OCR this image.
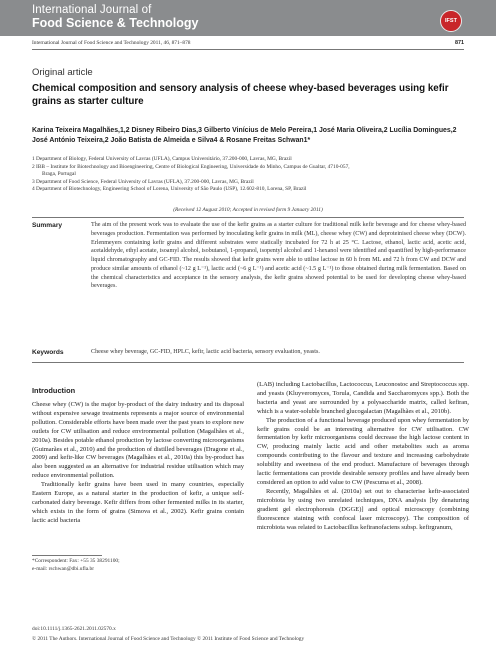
International Journal of
Food Science & Technology	IFST
International Journal of Food Science and Technology 2011, 46, 871–878	871
Original article
Chemical composition and sensory analysis of cheese whey-based beverages using kefir grains as starter culture
Karina Teixeira Magalhães,1,2 Disney Ribeiro Dias,3 Gilberto Vinícius de Melo Pereira,1 José Maria Oliveira,2 Lucília Domingues,2 José António Teixeira,2 João Batista de Almeida e Silva4 & Rosane Freitas Schwan1*
1 Department of Biology, Federal University of Lavras (UFLA), Campus Universitário, 37.200-000, Lavras, MG, Brazil
2 IBB – Institute for Biotechnology and Bioengineering, Centre of Biological Engineering, Universidade do Minho, Campus de Gualtar, 4710-057,
Braga, Portugal
3 Department of Food Science, Federal University of Lavras (UFLA), 37.200-000, Lavras, MG, Brazil
4 Department of Biotechnology, Engineering School of Lorena, University of São Paulo (USP), 12.602-810, Lorena, SP, Brazil
(Received 12 August 2010; Accepted in revised form 9 January 2011)
Summary	The aim of the present work was to evaluate the use of the kefir grains as a starter culture for traditional milk kefir beverage and for cheese whey-based beverages production. Fermentation was performed by inoculating kefir grains in milk (ML), cheese whey (CW) and deproteinised cheese whey (DCW). Erlenmeyers containing kefir grains and different substrates were statically incubated for 72 h at 25 °C. Lactose, ethanol, lactic acid, acetic acid, acetaldehyde, ethyl acetate, isoamyl alcohol, isobutanol, 1-propanol, isopentyl alcohol and 1-hexanol were identified and quantified by high-performance liquid chromatography and GC-FID. The results showed that kefir grains were able to utilise lactose in 60 h from ML and 72 h from CW and DCW and produce similar amounts of ethanol (~12 g L⁻¹), lactic acid (~6 g L⁻¹) and acetic acid (~1.5 g L⁻¹) to those obtained during milk fermentation. Based on the chemical characteristics and acceptance in the sensory analysis, the kefir grains showed potential to be used for developing cheese whey-based beverages.
Keywords	Cheese whey beverage, GC-FID, HPLC, kefir, lactic acid bacteria, sensory evaluation, yeasts.
Introduction

Cheese whey (CW) is the major by-product of the dairy industry and its disposal without expensive sewage treatments represents a major source of environmental pollution. Considerable efforts have been made over the past years to explore new outlets for CW utilisation and reduce environmental pollution (Magalhães et al., 2010a). Besides potable ethanol production by lactose converting microorganisms (Guimarães et al., 2010) and the production of distilled beverages (Dragone et al., 2009) and kefir-like CW beverages (Magalhães et al., 2010a) this by-product has also been suggested as an alternative for industrial residue utilisation which may reduce environmental pollution.

Traditionally kefir grains have been used in many countries, especially Eastern Europe, as a natural starter in the production of kefir, a unique self-carbonated dairy beverage. Kefir differs from other fermented milks in its starter, which exists in the form of grains (Simova et al., 2002). Kefir grains contain lactic acid bacteria

(LAB) including Lactobacillus, Lactococcus, Leuconostoc and Streptococcus spp. and yeasts (Kluyveromyces, Torula, Candida and Saccharomyces spp.). Both the bacteria and yeast are surrounded by a polysaccharide matrix, called kefiran, which is a water-soluble branched glucogalactan (Magalhães et al., 2010b).

The production of a functional beverage produced upon whey fermentation by kefir grains could be an interesting alternative for CW utilisation. CW fermentation by kefir microorganisms could decrease the high lactose content in CW, producing mainly lactic acid and other metabolites such as aroma compounds contributing to the flavour and texture and increasing carbohydrate solubility and sweetness of the end product. Manufacture of beverages through lactic fermentations can provide desirable sensory profiles and have already been considered an option to add value to CW (Pescuma et al., 2008).

Recently, Magalhães et al. (2010a) set out to characterise kefir-associated microbiota by using two unrelated techniques, DNA analysis [by denaturing gradient gel electrophoresis (DGGE)] and optical microscopy (combining fluorescence staining with confocal laser microscopy). The composition of microbiota was related to Lactobacillus kefiranofaciens subsp. kefirgranum,

*Correspondent: Fax: +55 35 38291100;
e-mail: rschwan@dbi.ufla.br
doi:10.1111/j.1365-2621.2011.02570.x
© 2011 The Authors. International Journal of Food Science and Technology © 2011 Institute of Food Science and Technology
